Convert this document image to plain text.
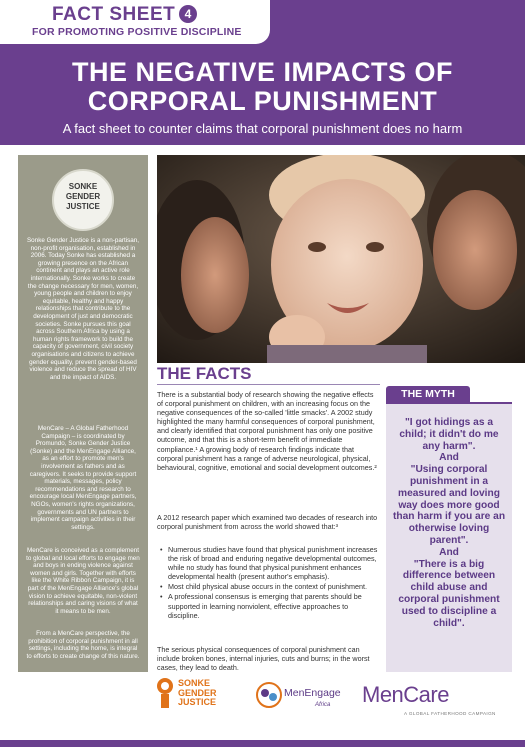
FACT SHEET 4
FOR PROMOTING POSITIVE DISCIPLINE
THE NEGATIVE IMPACTS OF
CORPORAL PUNISHMENT
A fact sheet to counter claims that corporal punishment does no harm
SONKE
GENDER
JUSTICE
Sonke Gender Justice is a non-partisan, non-profit organisation, established in 2006. Today Sonke has established a growing presence on the African continent and plays an active role internationally. Sonke works to create the change necessary for men, women, young people and children to enjoy equitable, healthy and happy relationships that contribute to the development of just and democratic societies. Sonke pursues this goal across Southern Africa by using a human rights framework to build the capacity of government, civil society organisations and citizens to achieve gender equality, prevent gender-based violence and reduce the spread of HIV and the impact of AIDS.
MenCare – A Global Fatherhood Campaign – is coordinated by Promundo, Sonke Gender Justice (Sonke) and the MenEngage Alliance, as an effort to promote men's involvement as fathers and as caregivers. It seeks to provide support materials, messages, policy recommendations and research to encourage local MenEngage partners, NGOs, women's rights organizations, governments and UN partners to implement campaign activities in their settings.
MenCare is conceived as a complement to global and local efforts to engage men and boys in ending violence against women and girls. Together with efforts like the White Ribbon Campaign, it is part of the MenEngage Alliance's global vision to achieve equitable, non-violent relationships and caring visions of what it means to be men.
From a MenCare perspective, the prohibition of corporal punishment in all settings, including the home, is integral to efforts to create change of this nature.
THE FACTS
There is a substantial body of research showing the negative effects of corporal punishment on children, with an increasing focus on the negative consequences of the so-called 'little smacks'. A 2002 study highlighted the many harmful consequences of corporal punishment, and clearly identified that corporal punishment has only one positive outcome, and that this is a short-term benefit of immediate compliance.¹ A growing body of research findings indicate that corporal punishment has a range of adverse neurological, physical, behavioural, cognitive, emotional and social development outcomes.²
A 2012 research paper which examined two decades of research into corporal punishment from across the world showed that:³
• Numerous studies have found that physical punishment increases the risk of broad and enduring negative developmental outcomes, while no study has found that physical punishment enhances developmental health (present author's emphasis).
• Most child physical abuse occurs in the context of punishment.
• A professional consensus is emerging that parents should be supported in learning nonviolent, effective approaches to discipline.
The serious physical consequences of corporal punishment can include broken bones, internal injuries, cuts and burns; in the worst cases, they lead to death.
THE MYTH
"I got hidings as a child; it didn't do me any harm".
And
"Using corporal punishment in a measured and loving way does more good than harm if you are an otherwise loving parent".
And
"There is a big difference between child abuse and corporal punishment used to discipline a child".
SONKE
GENDER
JUSTICE
MenEngage
Africa MenCare
A GLOBAL FATHERHOOD CAMPAIGN
